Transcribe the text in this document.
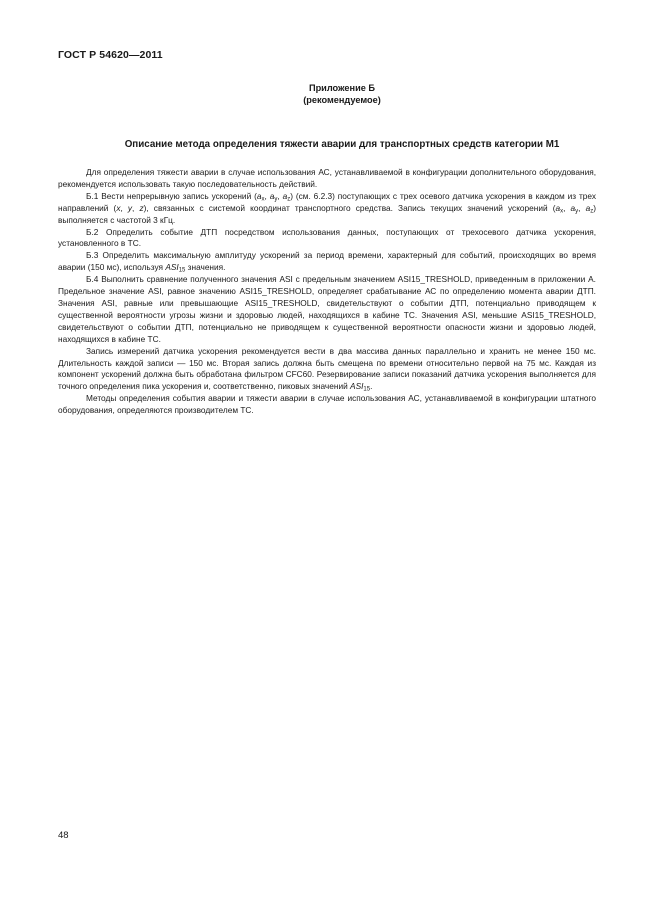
ГОСТ Р 54620—2011
Приложение Б
(рекомендуемое)
Описание метода определения тяжести аварии для транспортных средств категории М1

Для определения тяжести аварии в случае использования АС, устанавливаемой в конфигурации дополнительного оборудования, рекомендуется использовать такую последовательность действий.

Б.1 Вести непрерывную запись ускорений ($a_x$, $a_y$, $a_z$) (см. 6.2.3) поступающих с трех осевого датчика ускорения в каждом из трех направлений (x, y, z), связанных с системой координат транспортного средства. Запись текущих значений ускорений ($a_x$, $a_y$, $a_z$) выполняется с частотой 3 кГц.

Б.2 Определить событие ДТП посредством использования данных, поступающих от трехосевого датчика ускорения, установленного в ТС.

Б.3 Определить максимальную амплитуду ускорений за период времени, характерный для событий, происходящих во время аварии (150 мс), используя $ASI_{15}$ значения.

Б.4 Выполнить сравнение полученного значения ASI с предельным значением ASI15_TRESHOLD, приведенным в приложении А. Предельное значение ASI, равное значению ASI15_TRESHOLD, определяет срабатывание АС по определению момента аварии ДТП. Значения ASI, равные или превышающие ASI15_TRESHOLD, свидетельствуют о событии ДТП, потенциально приводящем к существенной вероятности угрозы жизни и здоровью людей, находящихся в кабине ТС. Значения ASI, меньшие ASI15_TRESHOLD, свидетельствуют о событии ДТП, потенциально не приводящем к существенной вероятности опасности жизни и здоровью людей, находящихся в кабине ТС.

Запись измерений датчика ускорения рекомендуется вести в два массива данных параллельно и хранить не менее 150 мс. Длительность каждой записи — 150 мс. Вторая запись должна быть смещена по времени относительно первой на 75 мс. Каждая из компонент ускорений должна быть обработана фильтром CFC60. Резервирование записи показаний датчика ускорения выполняется для точного определения пика ускорения и, соответственно, пиковых значений $ASI_{15}$.

Методы определения события аварии и тяжести аварии в случае использования АС, устанавливаемой в конфигурации штатного оборудования, определяются производителем ТС.

48
